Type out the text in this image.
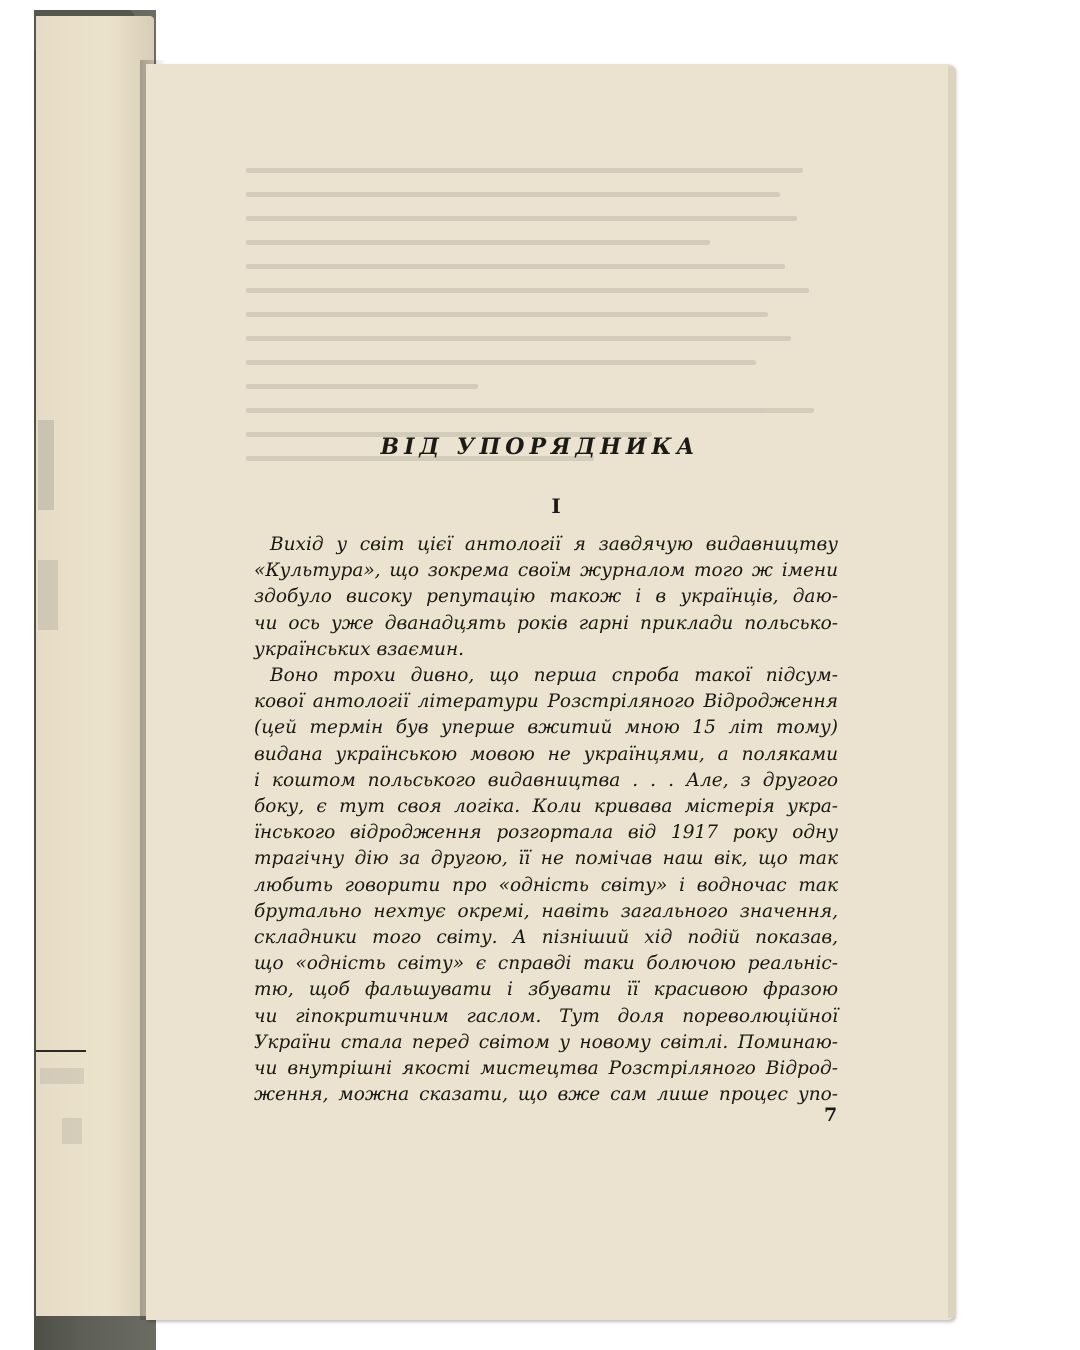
ВІД УПОРЯДНИКА
I
Вихід у світ цієї антології я завдячую видавництву
«Культура», що зокрема своїм журналом того ж імени
здобуло високу репутацію також і в українців, даю-
чи ось уже дванадцять років гарні приклади польсько-
українських взаємин.
Воно трохи дивно, що перша спроба такої підсум-
кової антології літератури Розстріляного Відродження
(цей термін був уперше вжитий мною 15 літ тому)
видана українською мовою не українцями, а поляками
і коштом польського видавництва . . . Але, з другого
боку, є тут своя логіка. Коли кривава містерія укра-
їнського відродження розгортала від 1917 року одну
трагічну дію за другою, її не помічав наш вік, що так
любить говорити про «однiсть світу» і водночас так
брутально нехтує окремі, навіть загального значення,
складники того світу. А пізніший хід подій показав,
що «однiсть світу» є справді таки болючою реальніс-
тю, щоб фальшувати і збувати її красивою фразою
чи гіпокритичним гаслом. Тут доля пореволюційної
України стала перед світом у новому світлі. Поминаю-
чи внутрішні якості мистецтва Розстріляного Відрод-
ження, можна сказати, що вже сам лише процес упо-
7
